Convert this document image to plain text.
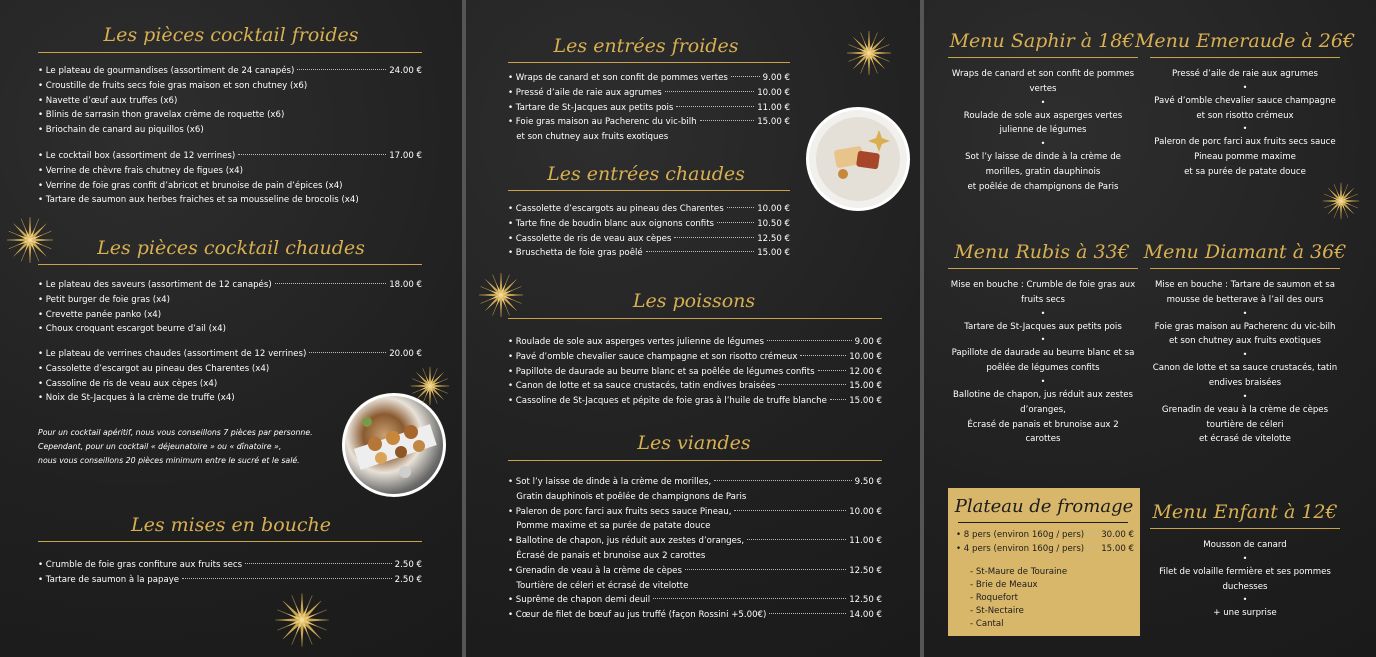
Les pièces cocktail froides
• Le plateau de gourmandises (assortiment de 24 canapés)	24.00 €
• Croustille de fruits secs foie gras maison et son chutney (x6)
• Navette d’œuf aux truffes (x6)
• Blinis de sarrasin thon gravelax crème de roquette (x6)
• Briochain de canard au piquillos (x6)
• Le cocktail box (assortiment de 12 verrines)	17.00 €
• Verrine de chèvre frais chutney de figues (x4)
• Verrine de foie gras confit d’abricot et brunoise de pain d’épices (x4)
• Tartare de saumon aux herbes fraiches et sa mousseline de brocolis (x4)
Les pièces cocktail chaudes
• Le plateau des saveurs (assortiment de 12 canapés)	18.00 €
• Petit burger de foie gras (x4)
• Crevette panée panko (x4)
• Choux croquant escargot beurre d’ail (x4)
• Le plateau de verrines chaudes (assortiment de 12 verrines)	20.00 €
• Cassolette d’escargot au pineau des Charentes (x4)
• Cassoline de ris de veau aux cèpes (x4)
• Noix de St-Jacques à la crème de truffe (x4)
Pour un cocktail apéritif, nous vous conseillons 7 pièces par personne.
Cependant, pour un cocktail « déjeunatoire » ou « dînatoire »,
nous vous conseillons 20 pièces minimum entre le sucré et le salé.
Les mises en bouche
• Crumble de foie gras confiture aux fruits secs	2.50 €
• Tartare de saumon à la papaye	2.50 €
Les entrées froides
• Wraps de canard et son confit de pommes vertes	9.00 €
• Pressé d’aile de raie aux agrumes	10.00 €
• Tartare de St-Jacques aux petits pois	11.00 €
• Foie gras maison au Pacherenc du vic-bilh	15.00 €
et son chutney aux fruits exotiques
Les entrées chaudes
• Cassolette d’escargots au pineau des Charentes	10.00 €
• Tarte fine de boudin blanc aux oignons confits	10.50 €
• Cassolette de ris de veau aux cèpes	12.50 €
• Bruschetta de foie gras poêlé	15.00 €
Les poissons
• Roulade de sole aux asperges vertes julienne de légumes	9.00 €
• Pavé d’omble chevalier sauce champagne et son risotto crémeux	10.00 €
• Papillote de daurade au beurre blanc et sa poêlée de légumes confits	12.00 €
• Canon de lotte et sa sauce crustacés, tatin endives braisées	15.00 €
• Cassoline de St-Jacques et pépite de foie gras à l’huile de truffe blanche	15.00 €
Les viandes
• Sot l’y laisse de dinde à la crème de morilles,	9.50 €
Gratin dauphinois et poêlée de champignons de Paris
• Paleron de porc farci aux fruits secs sauce Pineau,	10.00 €
Pomme maxime et sa purée de patate douce
• Ballotine de chapon, jus réduit aux zestes d’oranges,	11.00 €
Écrasé de panais et brunoise aux 2 carottes
• Grenadin de veau à la crème de cèpes	12.50 €
Tourtière de céleri et écrasé de vitelotte
• Suprême de chapon demi deuil	12.50 €
• Cœur de filet de bœuf au jus truffé (façon Rossini +5.00€)	14.00 €
Menu Saphir à 18€
Wraps de canard et son confit de pommes
vertes
•
Roulade de sole aux asperges vertes
julienne de légumes
•
Sot l’y laisse de dinde à la crème de
morilles, gratin dauphinois
et poêlée de champignons de Paris
Menu Emeraude à 26€
Pressé d’aile de raie aux agrumes
•
Pavé d’omble chevalier sauce champagne
et son risotto crémeux
•
Paleron de porc farci aux fruits secs sauce
Pineau pomme maxime
et sa purée de patate douce
Menu Rubis à 33€
Mise en bouche : Crumble de foie gras aux
fruits secs
•
Tartare de St-Jacques aux petits pois
•
Papillote de daurade au beurre blanc et sa
poêlée de légumes confits
•
Ballotine de chapon, jus réduit aux zestes
d’oranges,
Écrasé de panais et brunoise aux 2
carottes
Menu Diamant à 36€
Mise en bouche : Tartare de saumon et sa
mousse de betterave à l’ail des ours
•
Foie gras maison au Pacherenc du vic-bilh
et son chutney aux fruits exotiques
•
Canon de lotte et sa sauce crustacés, tatin
endives braisées
•
Grenadin de veau à la crème de cèpes
tourtière de céleri
et écrasé de vitelotte
Plateau de fromage
• 8 pers (environ 160g / pers) 30.00 €
• 4 pers (environ 160g / pers) 15.00 €
- St-Maure de Touraine
- Brie de Meaux
- Roquefort
- St-Nectaire
- Cantal
Menu Enfant à 12€
Mousson de canard
•
Filet de volaille fermière et ses pommes
duchesses
•
+ une surprise
